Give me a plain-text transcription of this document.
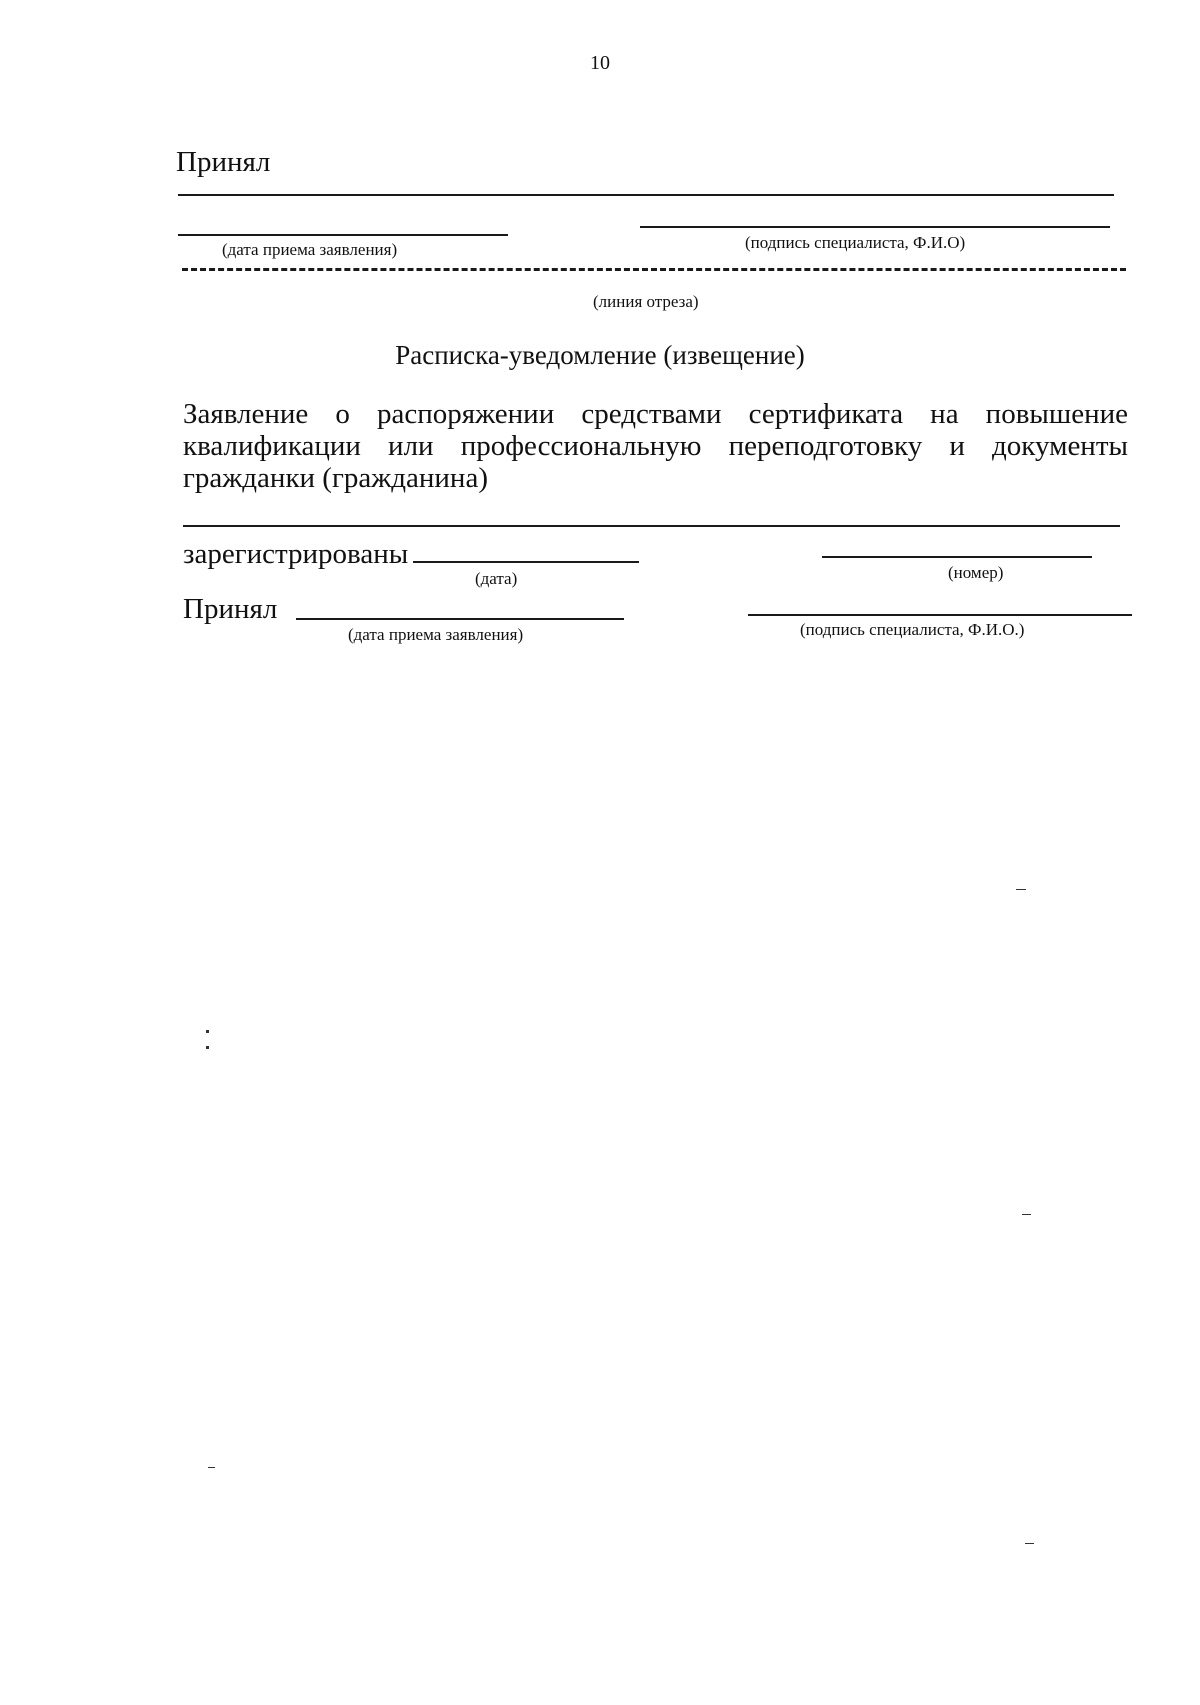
10
Принял
(дата приема заявления)	(подпись специалиста, Ф.И.О)
(линия отреза)
Расписка-уведомление (извещение)
Заявление о распоряжении средствами сертификата на повышение квалификации или профессиональную переподготовку и документы гражданки (гражданина)
зарегистрированы
(дата)	(номер)
Принял
(дата приема заявления)	(подпись специалиста, Ф.И.О.)
